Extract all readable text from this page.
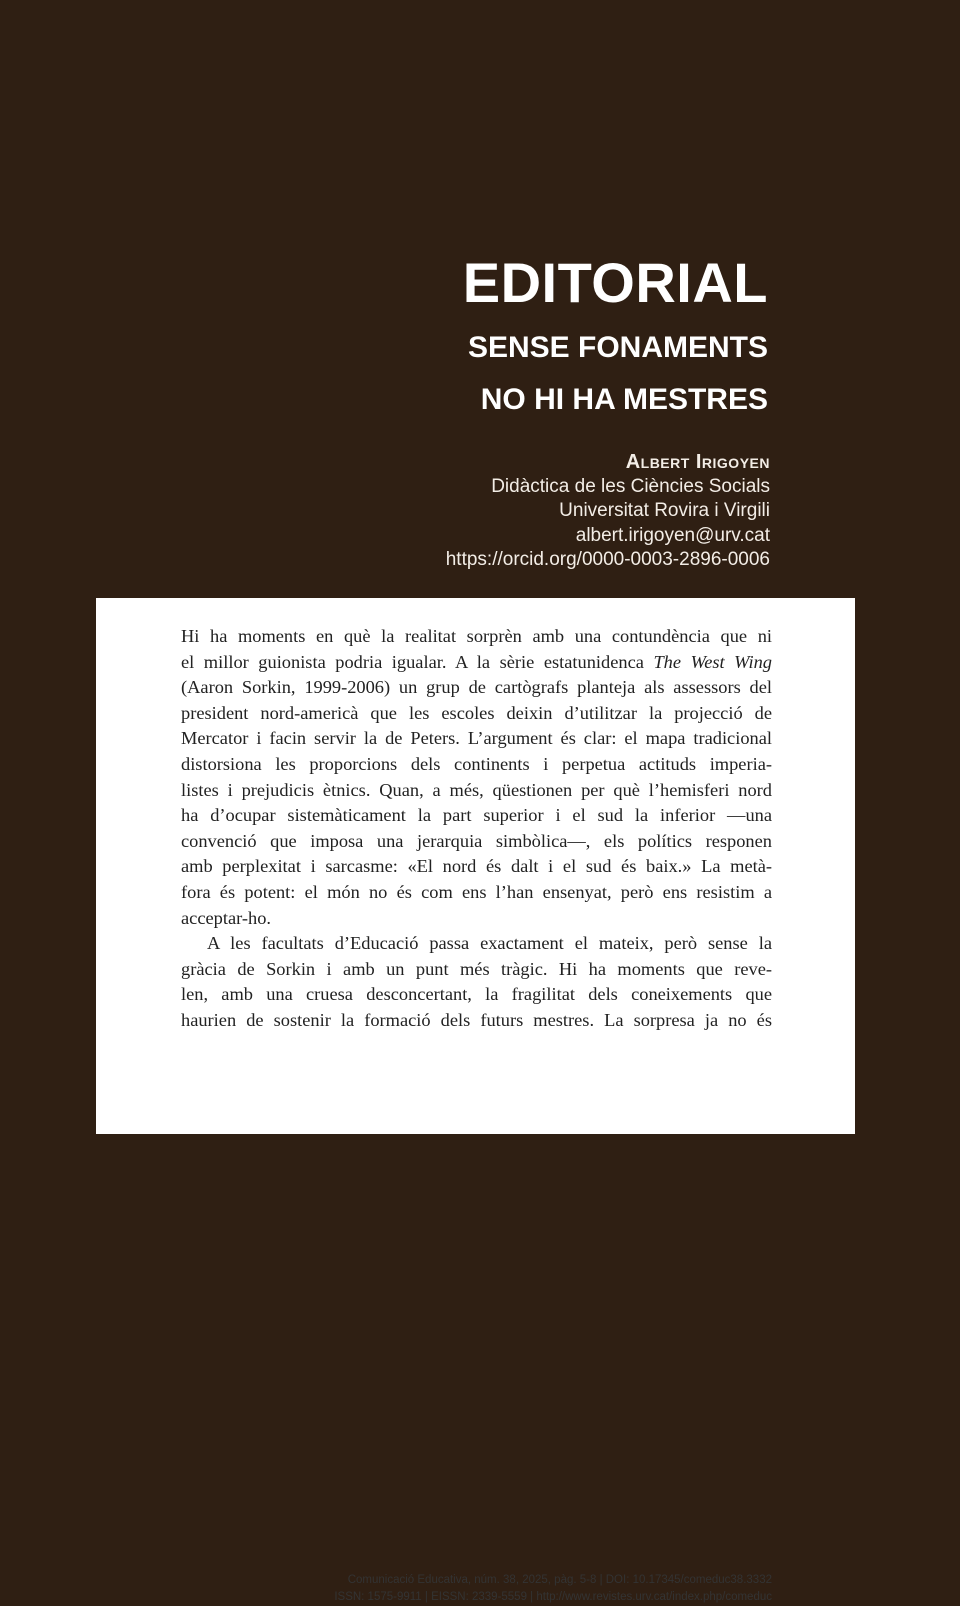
EDITORIAL
SENSE FONAMENTS
NO HI HA MESTRES
Albert Irigoyen
Didàctica de les Ciències Socials
Universitat Rovira i Virgili
albert.irigoyen@urv.cat
https://orcid.org/0000-0003-2896-0006
Hi ha moments en què la realitat sorprèn amb una contundència que ni
el millor guionista podria igualar. A la sèrie estatunidenca The West Wing
(Aaron Sorkin, 1999-2006) un grup de cartògrafs planteja als assessors del
president nord-americà que les escoles deixin d’utilitzar la projecció de
Mercator i facin servir la de Peters. L’argument és clar: el mapa tradicional
distorsiona les proporcions dels continents i perpetua actituds imperia-
listes i prejudicis ètnics. Quan, a més, qüestionen per què l’hemisferi nord
ha d’ocupar sistemàticament la part superior i el sud la inferior —una
convenció que imposa una jerarquia simbòlica—, els polítics responen
amb perplexitat i sarcasme: «El nord és dalt i el sud és baix.» La metà-
fora és potent: el món no és com ens l’han ensenyat, però ens resistim a
acceptar-ho.
A les facultats d’Educació passa exactament el mateix, però sense la
gràcia de Sorkin i amb un punt més tràgic. Hi ha moments que reve-
len, amb una cruesa desconcertant, la fragilitat dels coneixements que
haurien de sostenir la formació dels futurs mestres. La sorpresa ja no és
Comunicació Educativa, núm. 38, 2025, pàg. 5-8 | DOI: 10.17345/comeduc38.3332
ISSN: 1575-9911 | EISSN: 2339-5559 | http://www.revistes.urv.cat/index.php/comeduc
